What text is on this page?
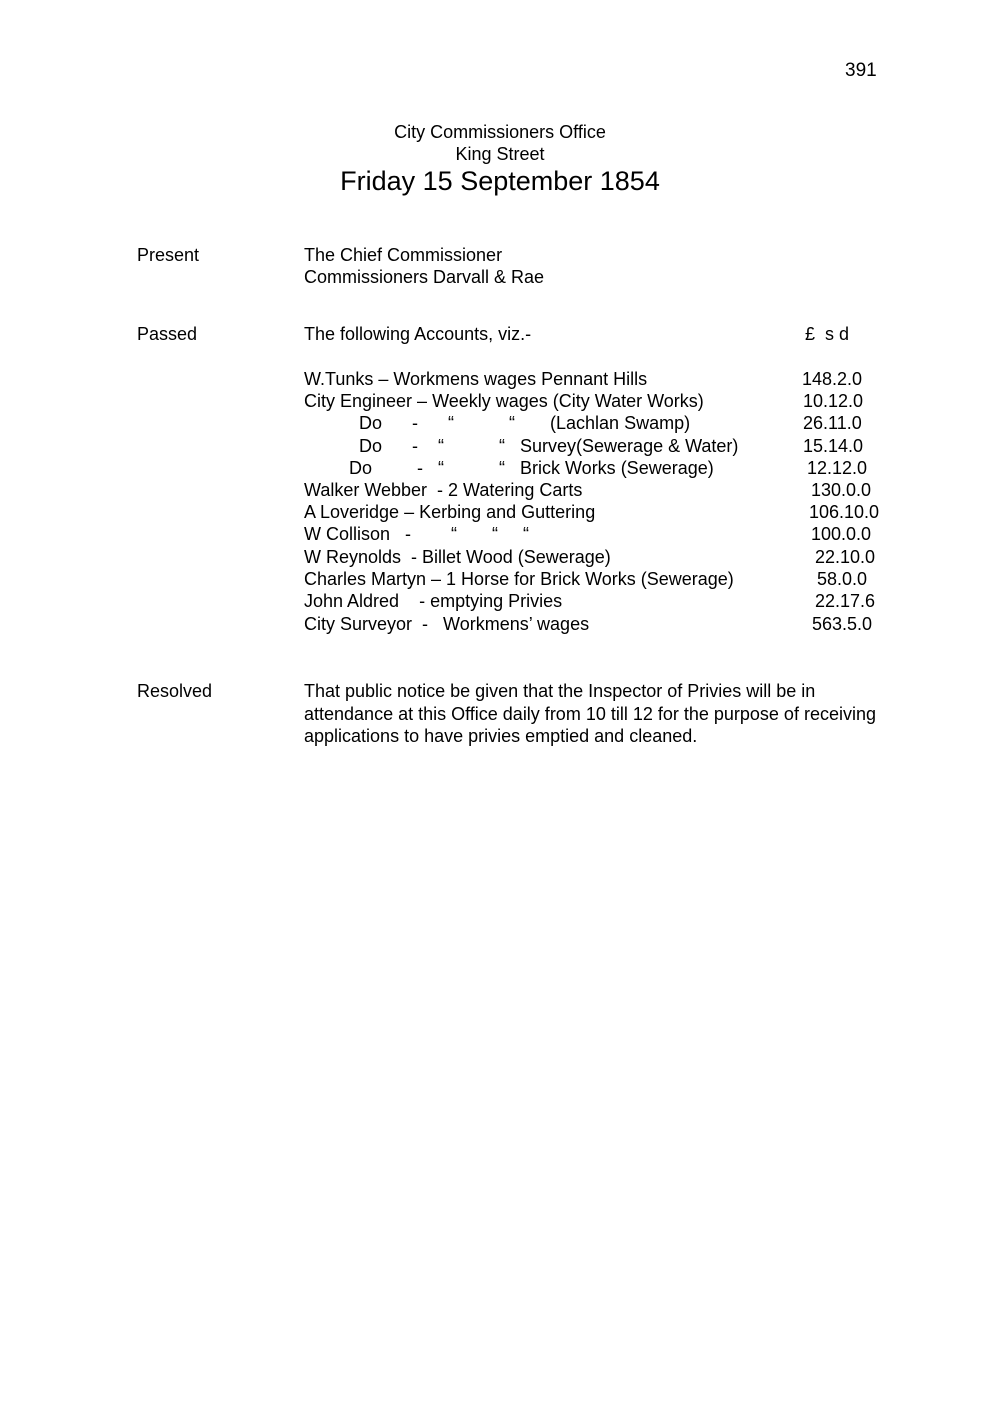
391
City Commissioners Office
King Street
Friday 15 September 1854
Present	The Chief Commissioner
Commissioners Darvall & Rae
Passed	The following Accounts, viz.-	£  s d
W.Tunks – Workmens wages Pennant Hills	148.2.0
City Engineer – Weekly wages (City Water Works)	10.12.0
Do      -      “           “       (Lachlan Swamp)	26.11.0
Do      -    “           “   Survey(Sewerage & Water)	15.14.0
Do         -   “           “   Brick Works (Sewerage)	12.12.0
Walker Webber  - 2 Watering Carts	130.0.0
A Loveridge – Kerbing and Guttering	106.10.0
W Collison   -        “       “     “	100.0.0
W Reynolds  - Billet Wood (Sewerage)	22.10.0
Charles Martyn – 1 Horse for Brick Works (Sewerage)	58.0.0
John Aldred    - emptying Privies	22.17.6
City Surveyor  -   Workmens’ wages	563.5.0
Resolved	That public notice be given that the Inspector of Privies will be in attendance at this Office daily from 10 till 12 for the purpose of receiving applications to have privies emptied and cleaned.
